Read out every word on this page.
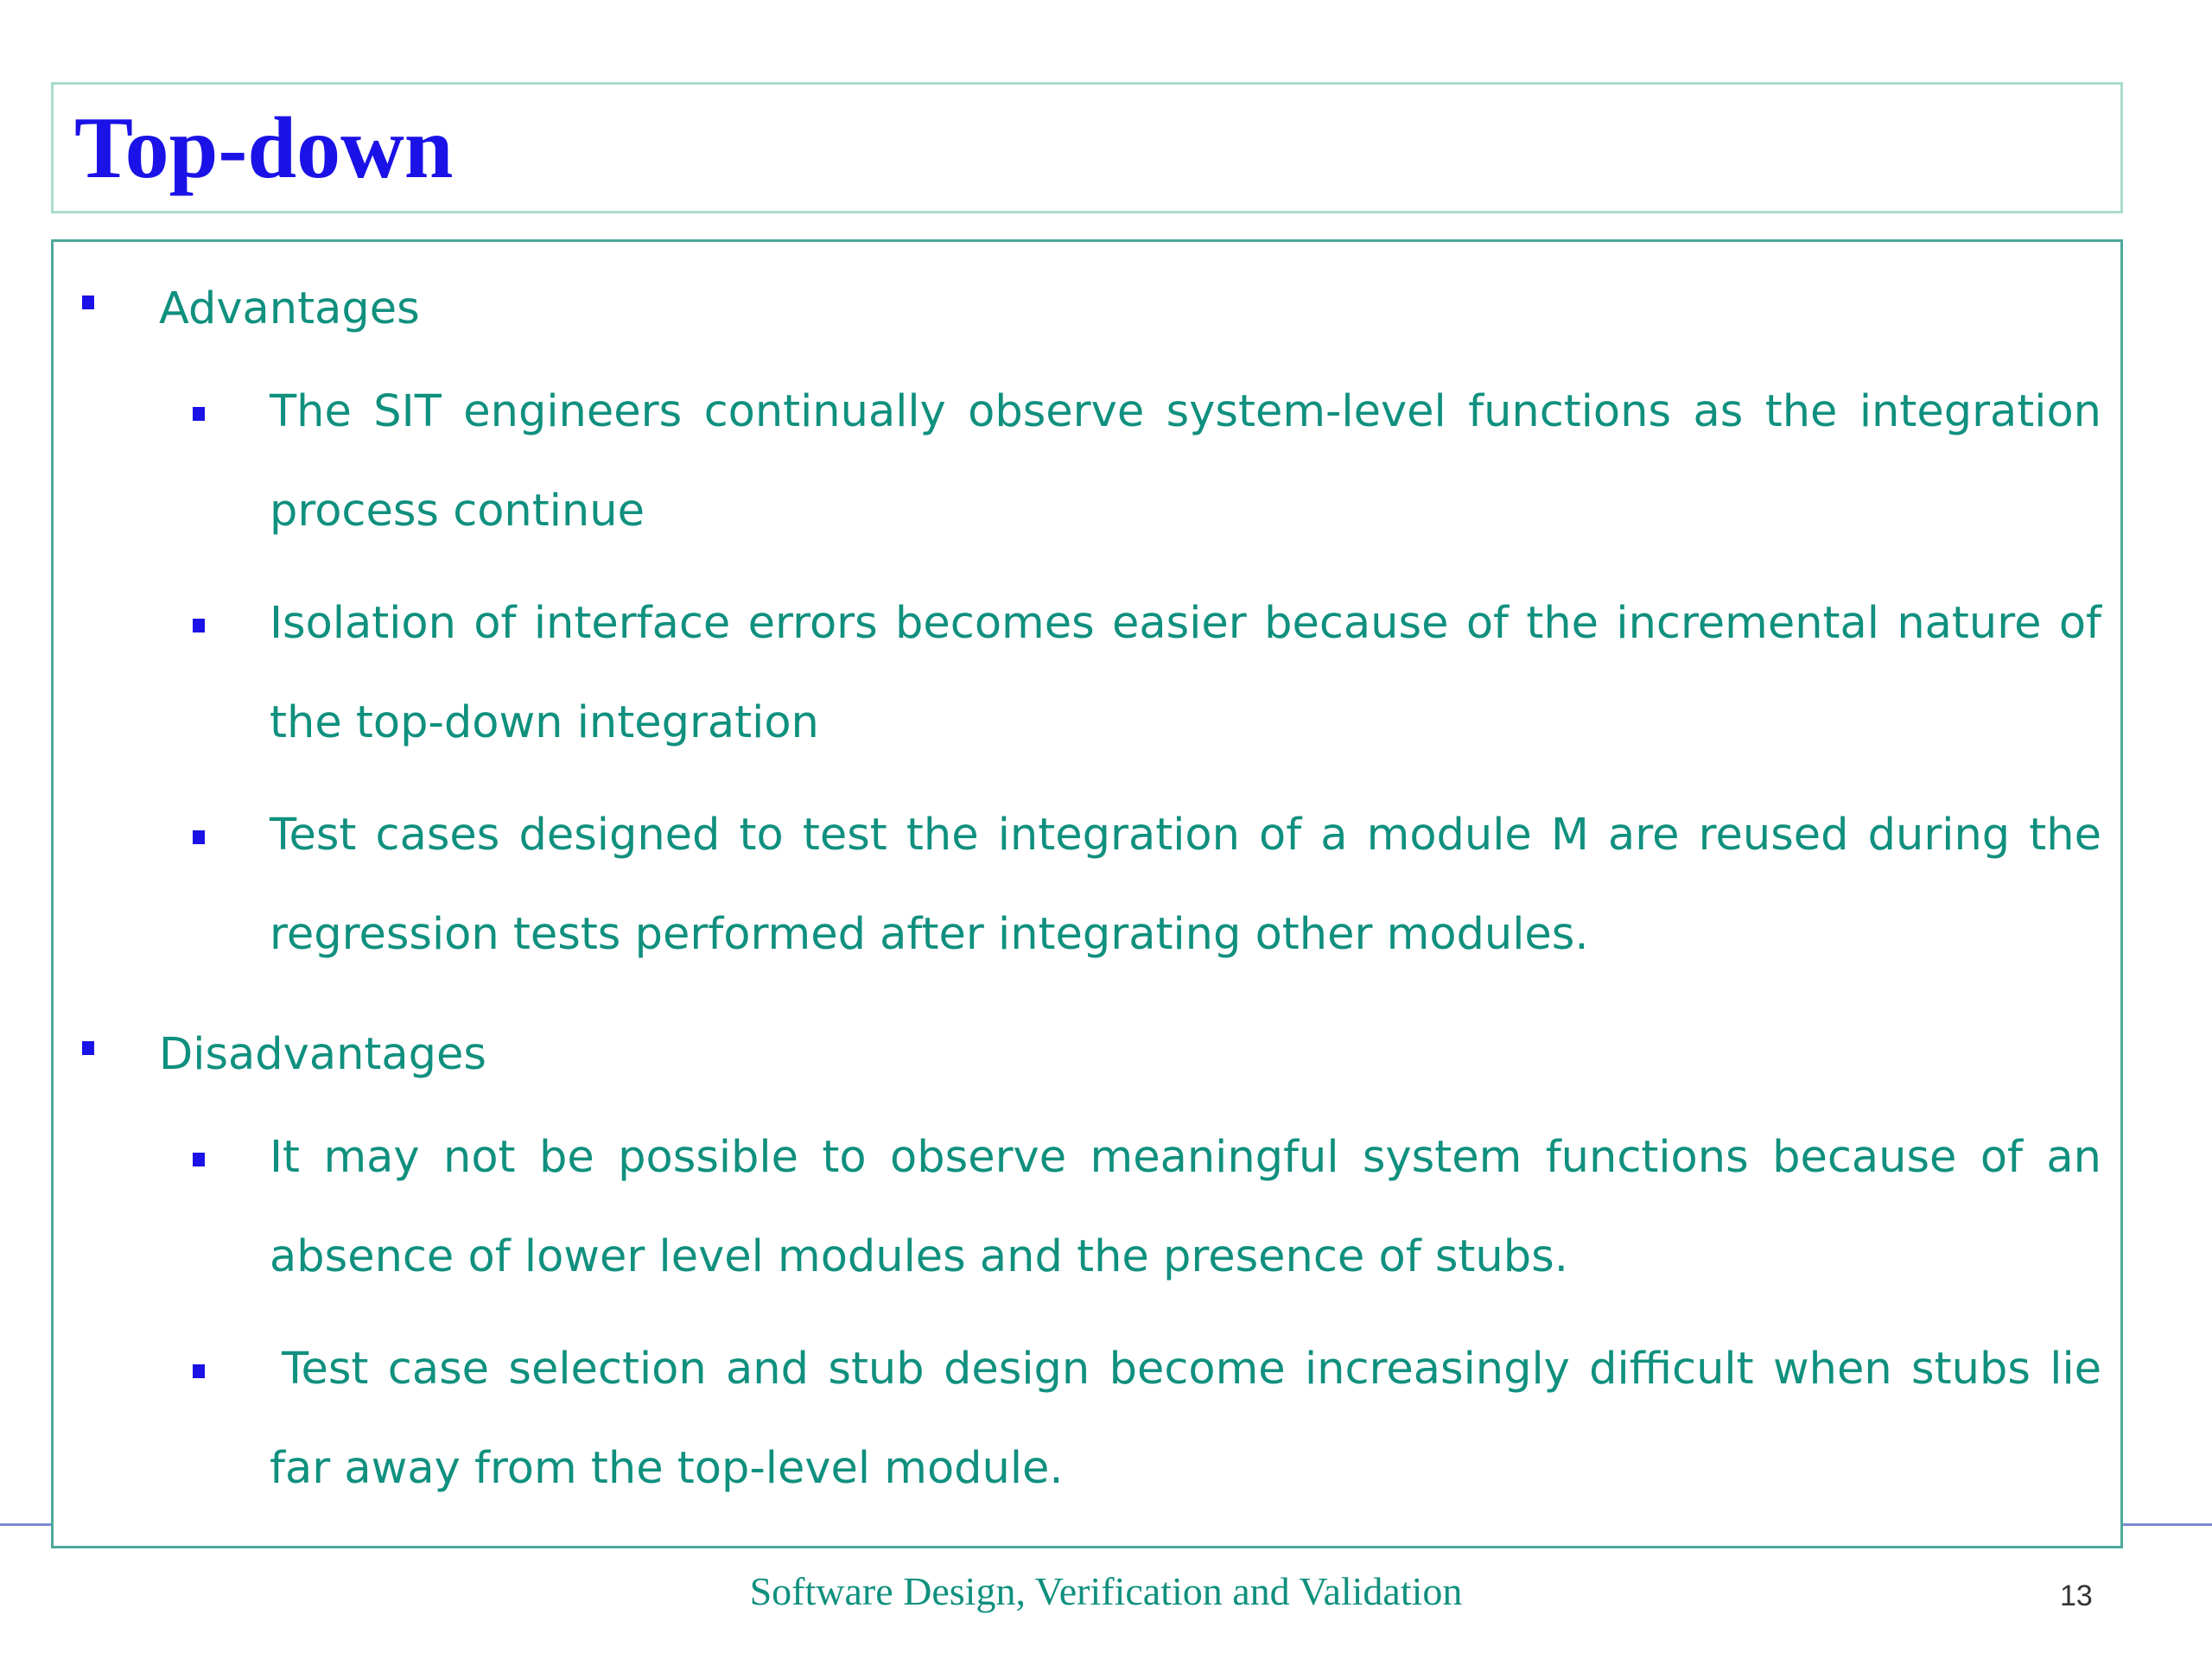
Top-down
Advantages
The SIT engineers continually observe system-level functions as the integration process continue
Isolation of interface errors becomes easier because of the incremental nature of the top-down integration
Test cases designed to test the integration of a module M are reused during the regression tests performed after integrating other modules.
Disadvantages
It may not be possible to observe meaningful system functions because of an absence of lower level modules and the presence of stubs.
Test case selection and stub design become increasingly difficult when stubs lie far away from the top-level module.
Software Design, Verification and Validation	13
